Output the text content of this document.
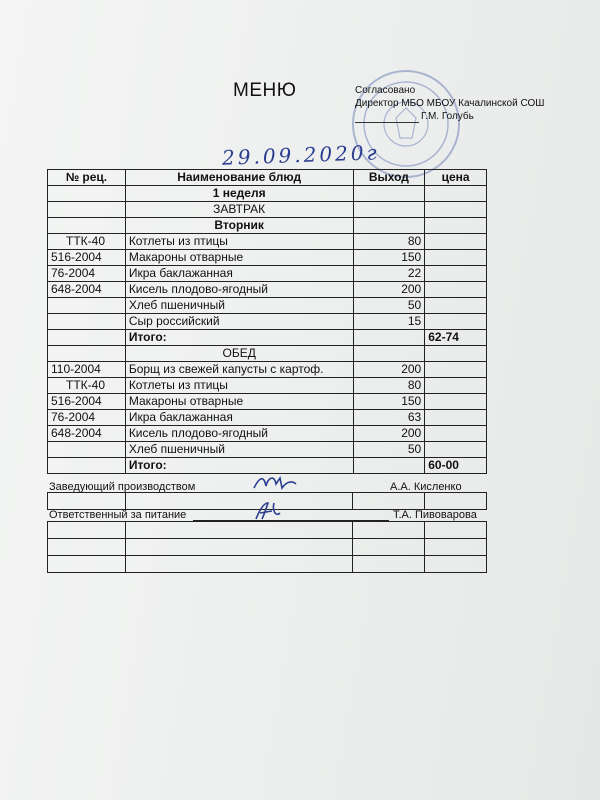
МЕНЮ	Согласовано
Директор МБО МБОУ Качалинской СОШ
Г.М. Голубь
29.09.2020г
№ рец.	Наименование блюд	Выход	цена
	1 неделя		
	ЗАВТРАК		
	Вторник		
ТТК-40	Котлеты из птицы	80	
516-2004	Макароны отварные	150	
76-2004	Икра баклажанная	22	
648-2004	Кисель плодово-ягодный	200	
	Хлеб пшеничный	50	
	Сыр российский	15	
	Итого:		62-74
	ОБЕД		
110-2004	Борщ из свежей капусты с картоф.	200	
ТТК-40	Котлеты из птицы	80	
516-2004	Макароны отварные	150	
76-2004	Икра баклажанная	63	
648-2004	Кисель плодово-ягодный	200	
	Хлеб пшеничный	50	
	Итого:		60-00
Заведующий производством	А.А. Кисленко

Ответственный за питание	Т.А. Пивоварова
